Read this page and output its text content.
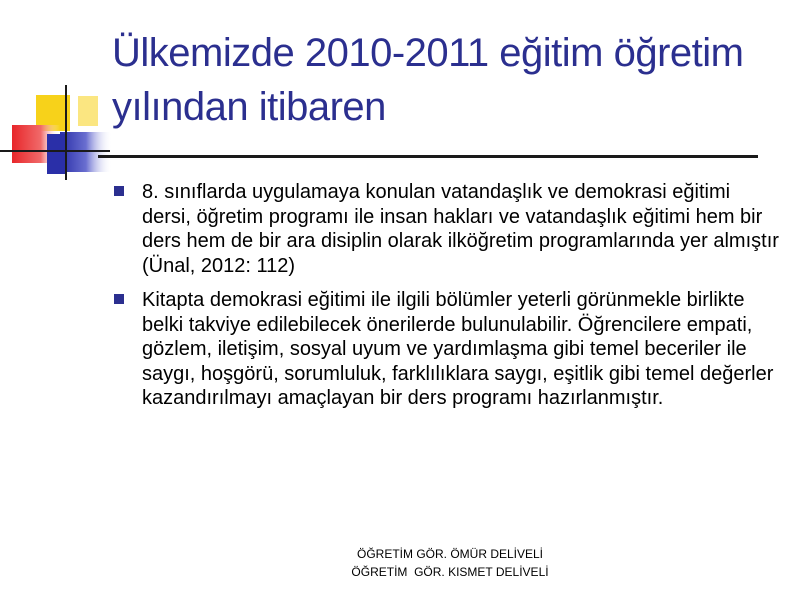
Ülkemizde 2010-2011 eğitim öğretim
yılından itibaren
8. sınıflarda uygulamaya konulan vatandaşlık ve demokrasi eğitimi dersi, öğretim programı ile insan hakları ve vatandaşlık eğitimi hem bir ders hem de bir ara disiplin olarak ilköğretim programlarında yer almıştır (Ünal, 2012: 112)
Kitapta demokrasi eğitimi ile ilgili bölümler yeterli görünmekle birlikte belki takviye edilebilecek önerilerde bulunulabilir. Öğrencilere empati, gözlem, iletişim, sosyal uyum ve yardımlaşma gibi temel beceriler ile saygı, hoşgörü, sorumluluk, farklılıklara saygı, eşitlik gibi temel değerler kazandırılmayı amaçlayan bir ders programı hazırlanmıştır.
ÖĞRETİM GÖR. ÖMÜR DELİVELİ
ÖĞRETİM  GÖR. KISMET DELİVELİ
